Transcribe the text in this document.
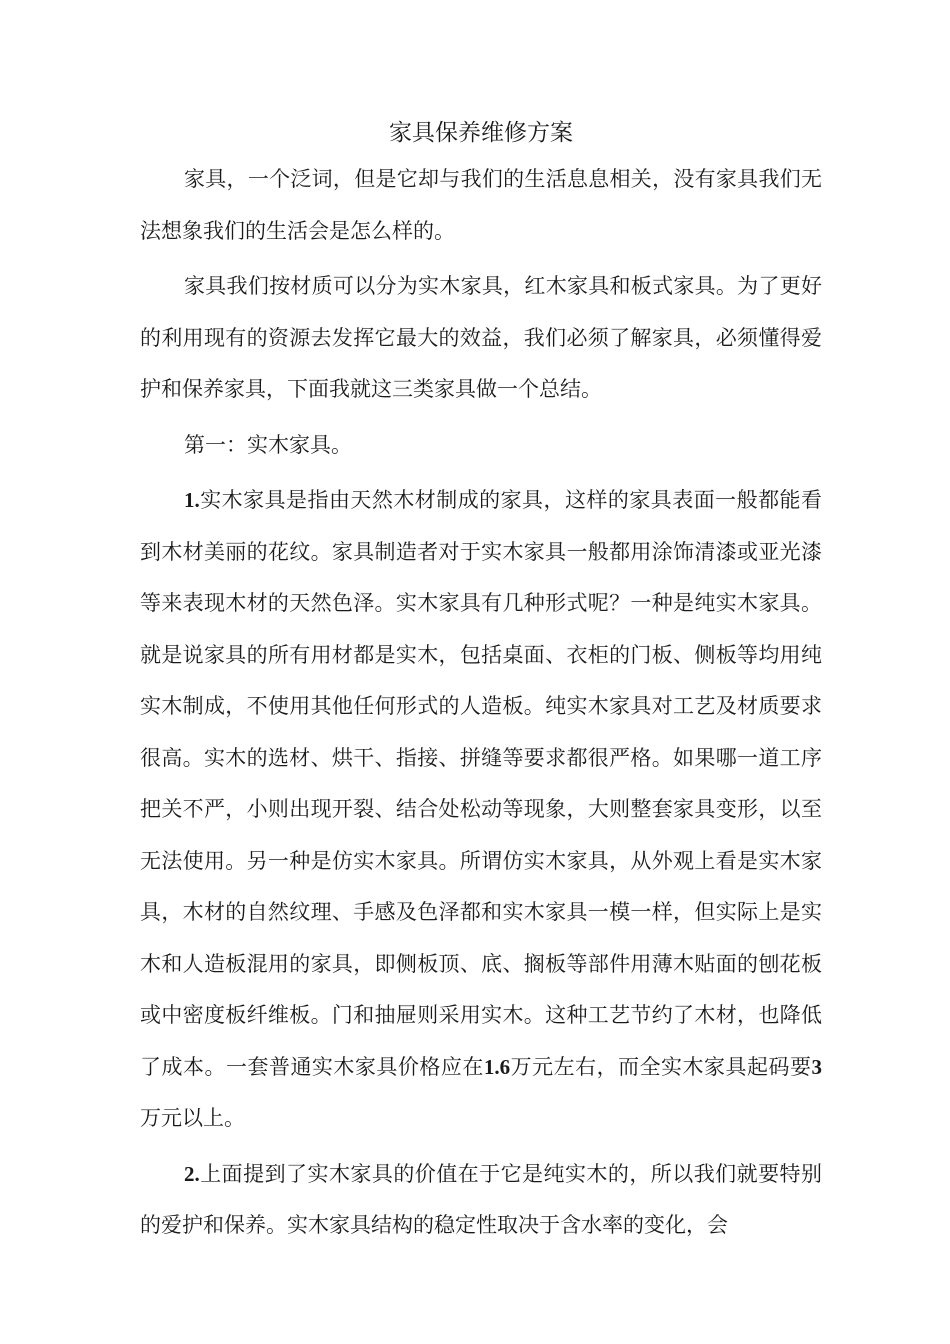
家具保养维修方案

家具，一个泛词，但是它却与我们的生活息息相关，没有家具我们无法想象我们的生活会是怎么样的。

家具我们按材质可以分为实木家具，红木家具和板式家具。为了更好的利用现有的资源去发挥它最大的效益，我们必须了解家具，必须懂得爱护和保养家具，下面我就这三类家具做一个总结。

第一：实木家具。

1.实木家具是指由天然木材制成的家具，这样的家具表面一般都能看到木材美丽的花纹。家具制造者对于实木家具一般都用涂饰清漆或亚光漆等来表现木材的天然色泽。实木家具有几种形式呢？一种是纯实木家具。就是说家具的所有用材都是实木，包括桌面、衣柜的门板、侧板等均用纯实木制成，不使用其他任何形式的人造板。纯实木家具对工艺及材质要求很高。实木的选材、烘干、指接、拼缝等要求都很严格。如果哪一道工序把关不严，小则出现开裂、结合处松动等现象，大则整套家具变形，以至无法使用。另一种是仿实木家具。所谓仿实木家具，从外观上看是实木家具，木材的自然纹理、手感及色泽都和实木家具一模一样，但实际上是实木和人造板混用的家具，即侧板顶、底、搁板等部件用薄木贴面的刨花板或中密度板纤维板。门和抽屉则采用实木。这种工艺节约了木材，也降低了成本。一套普通实木家具价格应在1.6万元左右，而全实木家具起码要3万元以上。

2.上面提到了实木家具的价值在于它是纯实木的，所以我们就要特别的爱护和保养。实木家具结构的稳定性取决于含水率的变化，会
